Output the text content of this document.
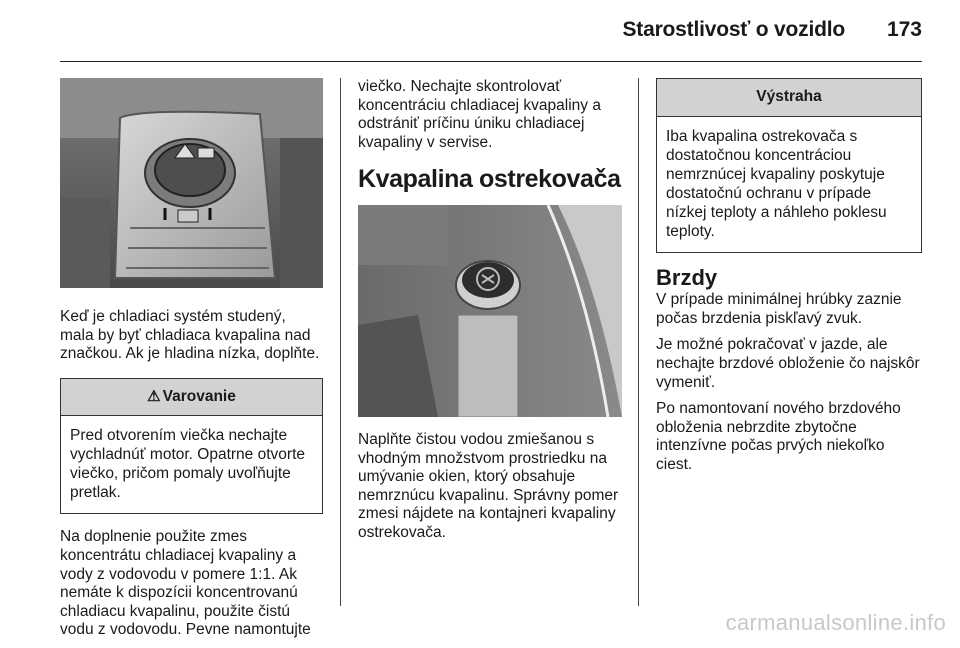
Starostlivosť o vozidlo 173

Keď je chladiaci systém studený, mala by byť chladiaca kvapalina nad značkou. Ak je hladina nízka, doplňte.

⚠ Varovanie
Pred otvorením viečka nechajte vychladnúť motor. Opatrne otvorte viečko, pričom pomaly uvoľňujte pretlak.

Na doplnenie použite zmes koncentrátu chladiacej kvapaliny a vody z vodovodu v pomere 1:1. Ak nemáte k dispozícii koncentrovanú chladiacu kvapalinu, použite čistú vodu z vodovodu. Pevne namontujte

viečko. Nechajte skontrolovať koncentráciu chladiacej kvapaliny a odstrániť príčinu úniku chladiacej kvapaliny v servise.

Kvapalina ostrekovača

Naplňte čistou vodou zmiešanou s vhodným množstvom prostriedku na umývanie okien, ktorý obsahuje nemrznúcu kvapalinu. Správny pomer zmesi nájdete na kontajneri kvapaliny ostrekovača.

Výstraha
Iba kvapalina ostrekovača s dostatočnou koncentráciou nemrznúcej kvapaliny poskytuje dostatočnú ochranu v prípade nízkej teploty a náhleho poklesu teploty.
Brzdy

V prípade minimálnej hrúbky zaznie počas brzdenia piskľavý zvuk.

Je možné pokračovať v jazde, ale nechajte brzdové obloženie čo najskôr vymeniť.

Po namontovaní nového brzdového obloženia nebrzdite zbytočne intenzívne počas prvých niekoľko ciest.

carmanualsonline.info
